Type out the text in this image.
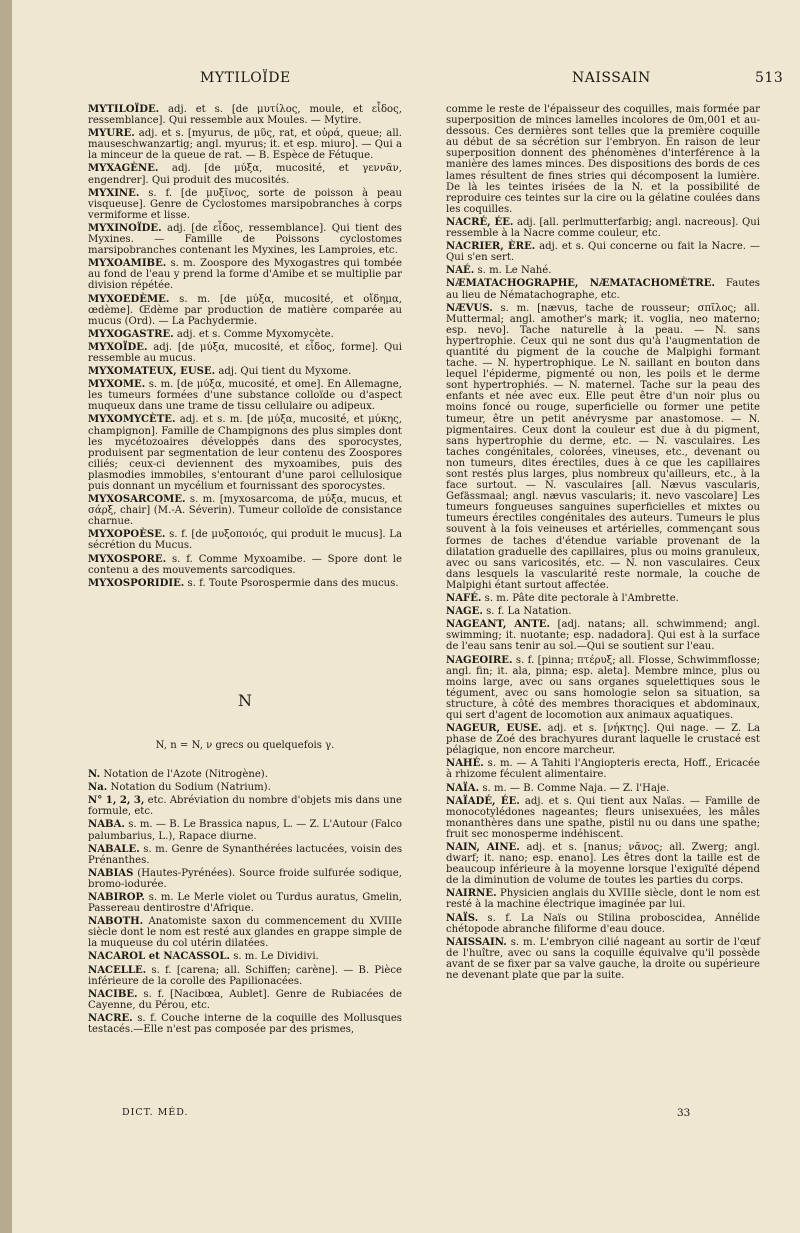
MYTILOÏDE	NAISSAIN	513

MYTILOÏDE. adj. et s. [de μυτίλος, moule, et εἶδος, ressemblance]. Qui ressemble aux Moules. — Mytire.

MYURE. adj. et s. [myurus, de μῦς, rat, et οὐρά, queue; all. mauseschwanzartig; angl. myurus; it. et esp. miuro]. — Qui a la minceur de la queue de rat. — B. Espèce de Fétuque.

MYXAGÈNE. adj. [de μύξα, mucosité, et γεννᾶν, engendrer]. Qui produit des mucosités.

MYXINE. s. f. [de μυξῖνος, sorte de poisson à peau visqueuse]. Genre de Cyclostomes marsipobranches à corps vermiforme et lisse.

MYXINOÏDE. adj. [de εἶδος, ressemblance]. Qui tient des Myxines. — Famille de Poissons cyclostomes marsipobranches contenant les Myxines, les Lamproies, etc.

MYXOAMIBE. s. m. Zoospore des Myxogastres qui tombée au fond de l'eau y prend la forme d'Amibe et se multiplie par division répétée.

MYXOEDÈME. s. m. [de μύξα, mucosité, et οἴδημα, œdème]. Œdème par production de matière comparée au mucus (Ord). — La Pachydermie.

MYXOGASTRE. adj. et s. Comme Myxomycète.

MYXOÏDE. adj. [de μύξα, mucosité, et εἶδος, forme]. Qui ressemble au mucus.

MYXOMATEUX, EUSE. adj. Qui tient du Myxome.

MYXOME. s. m. [de μύξα, mucosité, et ome]. En Allemagne, les tumeurs formées d'une substance colloïde ou d'aspect muqueux dans une trame de tissu cellulaire ou adipeux.

MYXOMYCÈTE. adj. et s. m. [de μύξα, mucosité, et μύκης, champignon]. Famille de Champignons des plus simples dont les mycétozoaires développés dans des sporocystes, produisent par segmentation de leur contenu des Zoospores ciliés; ceux-ci deviennent des myxoamibes, puis des plasmodies immobiles, s'entourant d'une paroi cellulosique puis donnant un mycélium et fournissant des sporocystes.

MYXOSARCOME. s. m. [myxosarcoma, de μύξα, mucus, et σάρξ, chair] (M.-A. Séverin). Tumeur colloïde de consistance charnue.

MYXOPOÈSE. s. f. [de μυξοποιός, qui produit le mucus]. La sécrétion du Mucus.

MYXOSPORE. s. f. Comme Myxoamibe. — Spore dont le contenu a des mouvements sarcodiques.

MYXOSPORIDIE. s. f. Toute Psorospermie dans des mucus.

N
N, n = N, ν grecs ou quelquefois γ.

N. Notation de l'Azote (Nitrogène).

Na. Notation du Sodium (Natrium).

N° 1, 2, 3, etc. Abréviation du nombre d'objets mis dans une formule, etc.

NABA. s. m. — B. Le Brassica napus, L. — Z. L'Autour (Falco palumbarius, L.), Rapace diurne.

NABALE. s. m. Genre de Synanthérées lactucées, voisin des Prénanthes.

NABIAS (Hautes-Pyrénées). Source froide sulfurée sodique, bromo-iodurée.

NABIROP. s. m. Le Merle violet ou Turdus auratus, Gmelin, Passereau dentirostre d'Afrique.

NABOTH. Anatomiste saxon du commencement du XVIIIe siècle dont le nom est resté aux glandes en grappe simple de la muqueuse du col utérin dilatées.

NACAROL et NACASSOL. s. m. Le Dividivi.

NACELLE. s. f. [carena; all. Schiffen; carène]. — B. Pièce inférieure de la corolle des Papilionacées.

NACIBE. s. f. [Nacibœa, Aublet]. Genre de Rubiacées de Cayenne, du Pérou, etc.

NACRE. s. f. Couche interne de la coquille des Mollusques testacés.—Elle n'est pas composée par des prismes,

comme le reste de l'épaisseur des coquilles, mais formée par superposition de minces lamelles incolores de 0m,001 et au-dessous. Ces dernières sont telles que la première coquille au début de sa sécrétion sur l'embryon. En raison de leur superposition donnent des phénomènes d'interférence à la manière des lames minces. Des dispositions des bords de ces lames résultent de fines stries qui décomposent la lumière. De là les teintes irisées de la N. et la possibilité de reproduire ces teintes sur la cire ou la gélatine coulées dans les coquilles.

NACRÉ, ÉE. adj. [all. perlmutterfarbig; angl. nacreous]. Qui ressemble à la Nacre comme couleur, etc.

NACRIER, ÈRE. adj. et s. Qui concerne ou fait la Nacre. — Qui s'en sert.

NAÉ. s. m. Le Nahé.

NÆMATACHOGRAPHE, NÆMATACHOMÈTRE. Fautes au lieu de Nématachographe, etc.

NÆVUS. s. m. [nævus, tache de rousseur; σπῖλος; all. Muttermal; angl. amother's mark; it. voglia, neo materno; esp. nevo]. Tache naturelle à la peau. — N. sans hypertrophie. Ceux qui ne sont dus qu'à l'augmentation de quantité du pigment de la couche de Malpighi formant tache. — N. hypertrophique. Le N. saillant en bouton dans lequel l'épiderme, pigmenté ou non, les poils et le derme sont hypertrophiés. — N. maternel. Tache sur la peau des enfants et née avec eux. Elle peut être d'un noir plus ou moins foncé ou rouge, superficielle ou former une petite tumeur, être un petit anévrysme par anastomose. — N. pigmentaires. Ceux dont la couleur est due à du pigment, sans hypertrophie du derme, etc. — N. vasculaires. Les taches congénitales, colorées, vineuses, etc., devenant ou non tumeurs, dites érectiles, dues à ce que les capillaires sont restés plus larges, plus nombreux qu'ailleurs, etc., à la face surtout. — N. vasculaires [all. Nævus vascularis, Gefässmaal; angl. nævus vascularis; it. nevo vascolare] Les tumeurs fongueuses sanguines superficielles et mixtes ou tumeurs érectiles congénitales des auteurs. Tumeurs le plus souvent à la fois veineuses et artérielles, commençant sous formes de taches d'étendue variable provenant de la dilatation graduelle des capillaires, plus ou moins granuleux, avec ou sans varicosités, etc. — N. non vasculaires. Ceux dans lesquels la vascularité reste normale, la couche de Malpighi étant surtout affectée.

NAFÉ. s. m. Pâte dite pectorale à l'Ambrette.

NAGE. s. f. La Natation.

NAGEANT, ANTE. [adj. natans; all. schwimmend; angl. swimming; it. nuotante; esp. nadadora]. Qui est à la surface de l'eau sans tenir au sol.—Qui se soutient sur l'eau.

NAGEOIRE. s. f. [pinna; πτέρυξ; all. Flosse, Schwimmflosse; angl. fin; it. ala, pinna; esp. aleta]. Membre mince, plus ou moins large, avec ou sans organes squelettiques sous le tégument, avec ou sans homologie selon sa situation, sa structure, à côté des membres thoraciques et abdominaux, qui sert d'agent de locomotion aux animaux aquatiques.

NAGEUR, EUSE. adj. et s. [νήκτης]. Qui nage. — Z. La phase de Zoé des brachyures durant laquelle le crustacé est pélagique, non encore marcheur.

NAHÉ. s. m. — A Tahiti l'Angiopteris erecta, Hoff., Ericacée à rhizome féculent alimentaire.

NAÏA. s. m. — B. Comme Naja. — Z. l'Haje.

NAÏADÉ, ÉE. adj. et s. Qui tient aux Naïas. — Famille de monocotylédones nageantes; fleurs unisexuées, les mâles monanthères dans une spathe, pistil nu ou dans une spathe; fruit sec monosperme indéhiscent.

NAIN, AINE. adj. et s. [nanus; νᾶνος; all. Zwerg; angl. dwarf; it. nano; esp. enano]. Les êtres dont la taille est de beaucoup inférieure à la moyenne lorsque l'exiguïté dépend de la diminution de volume de toutes les parties du corps.

NAIRNE. Physicien anglais du XVIIIe siècle, dont le nom est resté à la machine électrique imaginée par lui.

NAÏS. s. f. La Naïs ou Stilina proboscidea, Annélide chétopode abranche filiforme d'eau douce.

NAISSAIN. s. m. L'embryon cilié nageant au sortir de l'œuf de l'huître, avec ou sans la coquille équivalve qu'il possède avant de se fixer par sa valve gauche, la droite ou supérieure ne devenant plate que par la suite.

DICT. MÉD.	33
